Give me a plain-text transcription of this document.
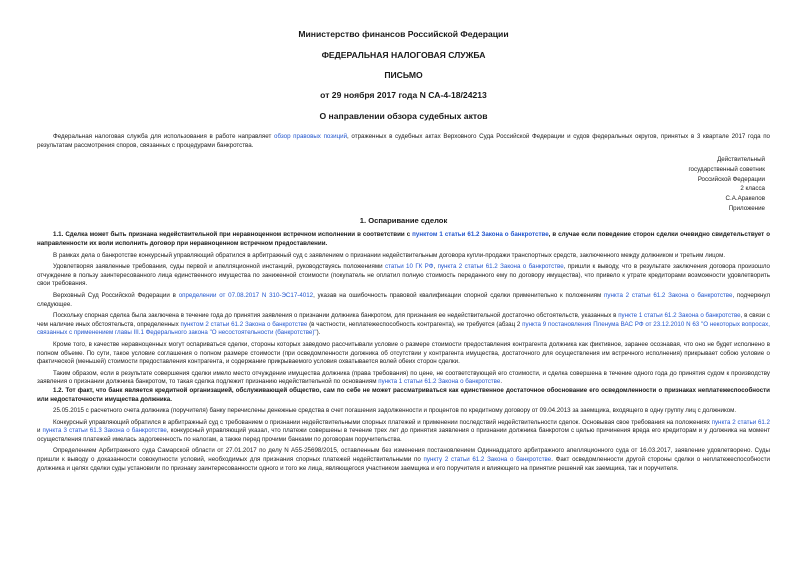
Министерство финансов Российской Федерации
ФЕДЕРАЛЬНАЯ НАЛОГОВАЯ СЛУЖБА
ПИСЬМО
от 29 ноября 2017 года N СА-4-18/24213
О направлении обзора судебных актов

Федеральная налоговая служба для использования в работе направляет обзор правовых позиций, отраженных в судебных актах Верховного Суда Российской Федерации и судов федеральных округов, принятых в 3 квартале 2017 года по результатам рассмотрения споров, связанных с процедурами банкротства.

Действительный
государственный советник
Российской Федерации
2 класса
С.А.Аракелов
Приложение
1. Оспаривание сделок

1.1. Сделка может быть признана недействительной при неравноценном встречном исполнении в соответствии с пунктом 1 статьи 61.2 Закона о банкротстве, в случае если поведение сторон сделки очевидно свидетельствует о направленности их воли исполнить договор при неравноценном встречном предоставлении.

В рамках дела о банкротстве конкурсный управляющий обратился в арбитражный суд с заявлением о признании недействительным договора купли-продажи транспортных средств, заключенного между должником и третьим лицом.

Удовлетворяя заявленные требования, суды первой и апелляционной инстанций, руководствуясь положениями статьи 10 ГК РФ, пункта 2 статьи 61.2 Закона о банкротстве, пришли к выводу, что в результате заключения договора произошло отчуждение в пользу заинтересованного лица единственного имущества по заниженной стоимости (покупатель не оплатил полную стоимость переданного ему по договору имущества), что привело к утрате кредиторами возможности удовлетворить свои требования.

Верховный Суд Российской Федерации в определении от 07.08.2017 N 310-ЭС17-4012, указав на ошибочность правовой квалификации спорной сделки применительно к положениям пункта 2 статьи 61.2 Закона о банкротстве, подчеркнул следующее.

Поскольку спорная сделка была заключена в течение года до принятия заявления о признании должника банкротом, для признания ее недействительной достаточно обстоятельств, указанных в пункте 1 статьи 61.2 Закона о банкротстве, в связи с чем наличие иных обстоятельств, определенных пунктом 2 статьи 61.2 Закона о банкротстве (в частности, неплатежеспособность контрагента), не требуется (абзац 2 пункта 9 постановления Пленума ВАС РФ от 23.12.2010 N 63 "О некоторых вопросах, связанных с применением главы III.1 Федерального закона "О несостоятельности (банкротстве)").

Кроме того, в качестве неравноценных могут оспариваться сделки, стороны которых заведомо рассчитывали условие о размере стоимости предоставления контрагента должника как фиктивное, заранее осознавая, что оно не будет исполнено в полном объеме. По сути, такое условие соглашения о полном размере стоимости (при осведомленности должника об отсутствии у контрагента имущества, достаточного для осуществления им встречного исполнения) прикрывает собою условие о фактической (меньшей) стоимости предоставления контрагента, и содержание прикрываемого условия охватывается волей обеих сторон сделки.

Таким образом, если в результате совершения сделки имело место отчуждение имущества должника (права требования) по цене, не соответствующей его стоимости, и сделка совершена в течение одного года до принятия судом к производству заявления о признании должника банкротом, то такая сделка подлежит признанию недействительной по основаниям пункта 1 статьи 61.2 Закона о банкротстве.

1.2. Тот факт, что банк является кредитной организацией, обслуживающей общество, сам по себе не может рассматриваться как единственное достаточное обоснование его осведомленности о признаках неплатежеспособности или недостаточности имущества должника.

25.05.2015 с расчетного счета должника (поручителя) банку перечислены денежные средства в счет погашения задолженности и процентов по кредитному договору от 09.04.2013 за заемщика, входящего в одну группу лиц с должником.

Конкурсный управляющий обратился в арбитражный суд с требованием о признании недействительными спорных платежей и применении последствий недействительности сделок. Основывая свое требования на положениях пункта 2 статьи 61.2 и пункта 3 статьи 61.3 Закона о банкротстве, конкурсный управляющий указал, что платежи совершены в течение трех лет до принятия заявления о признании должника банкротом с целью причинения вреда его кредиторам и у должника на момент осуществления платежей имелась задолженность по налогам, а также перед прочими банками по договорам поручительства.

Определением Арбитражного суда Самарской области от 27.01.2017 по делу N А55-25698/2015, оставленным без изменения постановлением Одиннадцатого арбитражного апелляционного суда от 16.03.2017, заявление удовлетворено. Суды пришли к выводу о доказанности совокупности условий, необходимых для признания спорных платежей недействительными по пункту 2 статьи 61.2 Закона о банкротстве. Факт осведомленности другой стороны сделки о неплатежеспособности должника и целях сделки суды установили по признаку заинтересованности одного и того же лица, являющегося участником заемщика и его поручителя и влияющего на принятие решений как заемщика, так и поручителя.
